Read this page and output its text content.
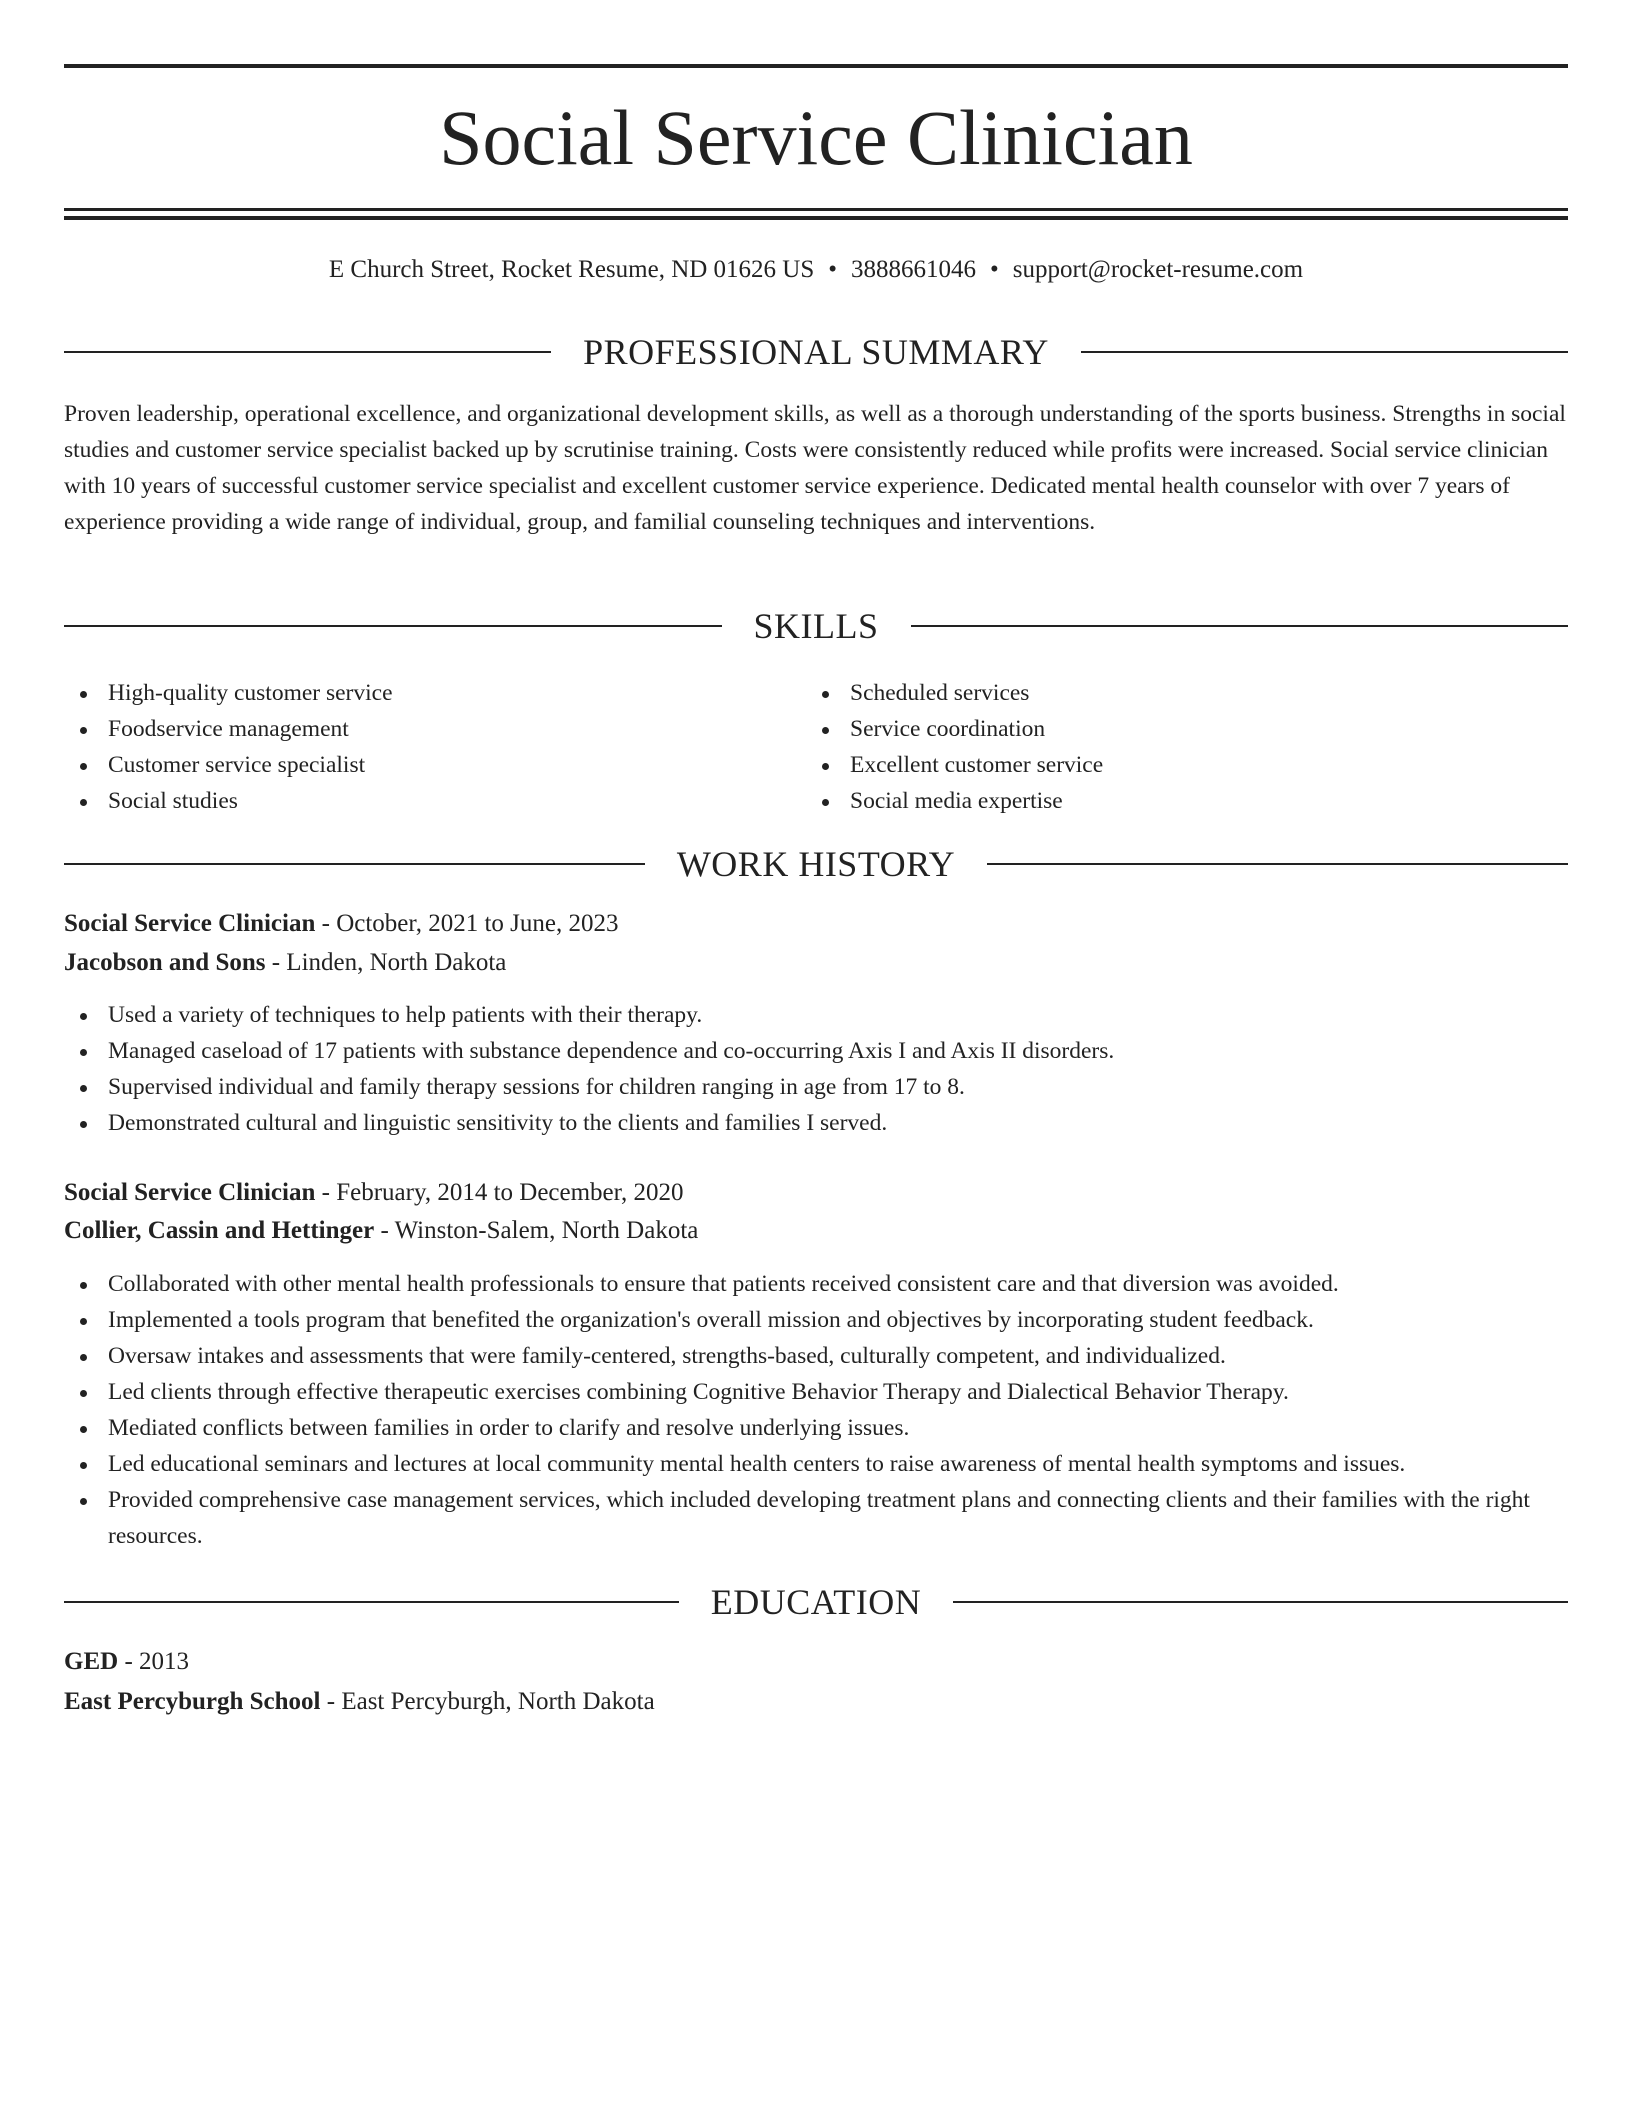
Social Service Clinician
E Church Street, Rocket Resume, ND 01626 US • 3888661046 • support@rocket-resume.com
PROFESSIONAL SUMMARY

Proven leadership, operational excellence, and organizational development skills, as well as a thorough understanding of the sports business. Strengths in social studies and customer service specialist backed up by scrutinise training. Costs were consistently reduced while profits were increased. Social service clinician with 10 years of successful customer service specialist and excellent customer service experience. Dedicated mental health counselor with over 7 years of experience providing a wide range of individual, group, and familial counseling techniques and interventions.

SKILLS
High-quality customer service
Foodservice management
Customer service specialist
Social studies
Scheduled services
Service coordination
Excellent customer service
Social media expertise
WORK HISTORY
Social Service Clinician - October, 2021 to June, 2023
Jacobson and Sons - Linden, North Dakota
Used a variety of techniques to help patients with their therapy.
Managed caseload of 17 patients with substance dependence and co-occurring Axis I and Axis II disorders.
Supervised individual and family therapy sessions for children ranging in age from 17 to 8.
Demonstrated cultural and linguistic sensitivity to the clients and families I served.
Social Service Clinician - February, 2014 to December, 2020
Collier, Cassin and Hettinger - Winston-Salem, North Dakota
Collaborated with other mental health professionals to ensure that patients received consistent care and that diversion was avoided.
Implemented a tools program that benefited the organization's overall mission and objectives by incorporating student feedback.
Oversaw intakes and assessments that were family-centered, strengths-based, culturally competent, and individualized.
Led clients through effective therapeutic exercises combining Cognitive Behavior Therapy and Dialectical Behavior Therapy.
Mediated conflicts between families in order to clarify and resolve underlying issues.
Led educational seminars and lectures at local community mental health centers to raise awareness of mental health symptoms and issues.
Provided comprehensive case management services, which included developing treatment plans and connecting clients and their families with the right resources.
EDUCATION
GED - 2013
East Percyburgh School - East Percyburgh, North Dakota
